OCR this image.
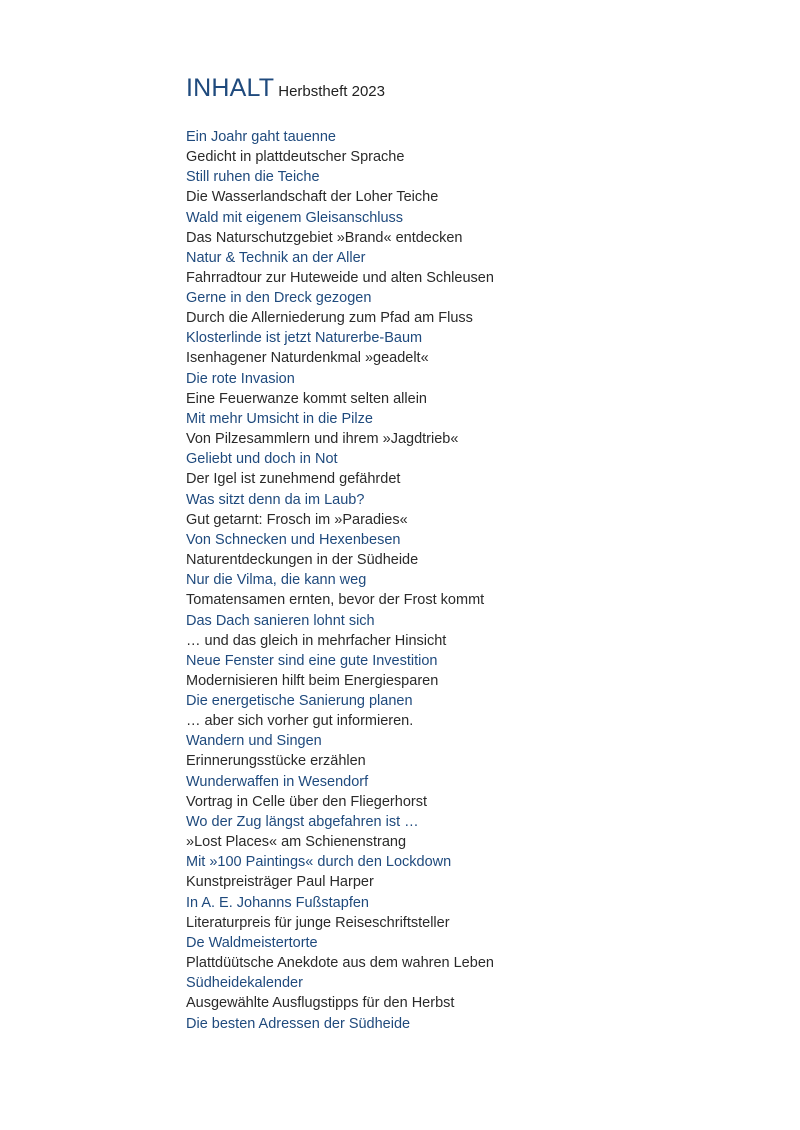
INHALT Herbstheft 2023
Ein Joahr gaht tauenne
Gedicht in plattdeutscher Sprache
Still ruhen die Teiche
Die Wasserlandschaft der Loher Teiche
Wald mit eigenem Gleisanschluss
Das Naturschutzgebiet »Brand« entdecken
Natur & Technik an der Aller
Fahrradtour zur Huteweide und alten Schleusen
Gerne in den Dreck gezogen
Durch die Allerniederung zum Pfad am Fluss
Klosterlinde ist jetzt Naturerbe-Baum
Isenhagener Naturdenkmal »geadelt«
Die rote Invasion
Eine Feuerwanze kommt selten allein
Mit mehr Umsicht in die Pilze
Von Pilzesammlern und ihrem »Jagdtrieb«
Geliebt und doch in Not
Der Igel ist zunehmend gefährdet
Was sitzt denn da im Laub?
Gut getarnt: Frosch im »Paradies«
Von Schnecken und Hexenbesen
Naturentdeckungen in der Südheide
Nur die Vilma, die kann weg
Tomatensamen ernten, bevor der Frost kommt
Das Dach sanieren lohnt sich
… und das gleich in mehrfacher Hinsicht
Neue Fenster sind eine gute Investition
Modernisieren hilft beim Energiesparen
Die energetische Sanierung planen
… aber sich vorher gut informieren.
Wandern und Singen
Erinnerungsstücke erzählen
Wunderwaffen in Wesendorf
Vortrag in Celle über den Fliegerhorst
Wo der Zug längst abgefahren ist …
»Lost Places« am Schienenstrang
Mit »100 Paintings« durch den Lockdown
Kunstpreisträger Paul Harper
In A. E. Johanns Fußstapfen
Literaturpreis für junge Reiseschriftsteller
De Waldmeistertorte
Plattdüütsche Anekdote aus dem wahren Leben
Südheidekalender
Ausgewählte Ausflugstipps für den Herbst
Die besten Adressen der Südheide
